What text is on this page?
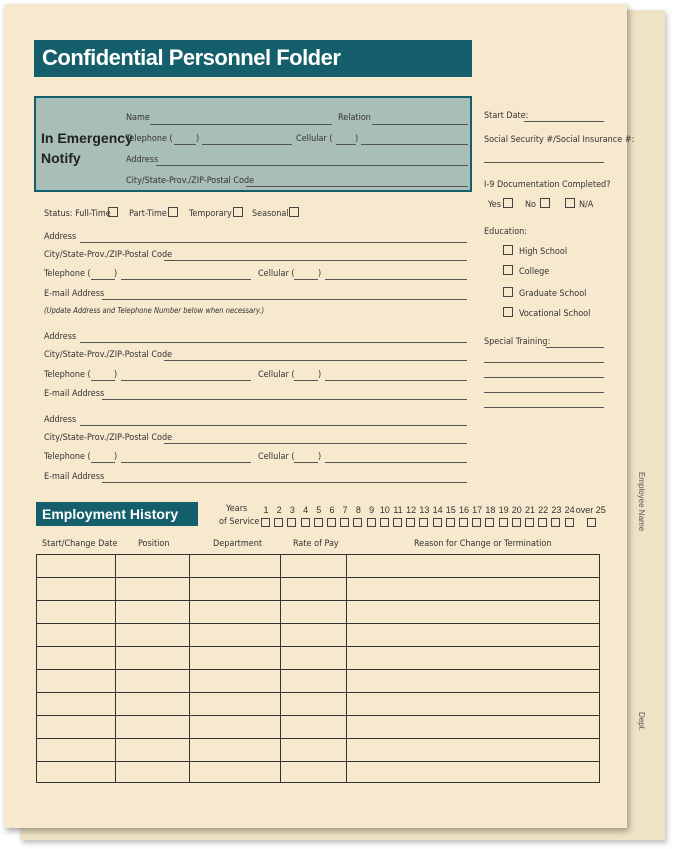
Employee Name
Dept.
Confidential Personnel Folder
In Emergency
Notify
Name	Relation
Telephone (	)	Cellular ( )
Address
City/State-Prov./ZIP-Postal Code
Start Date:
Social Security #/Social Insurance #:
I-9 Documentation Completed?
Yes	No	N/A
Education:
High School
College
Graduate School
Vocational School
Special Training:
Status: Full-Time Part-Time Temporary Seasonal
Address
City/State-Prov./ZIP-Postal Code
Telephone (	)	Cellular (	)
E-mail Address
(Update Address and Telephone Number below when necessary.)
Address
City/State-Prov./ZIP-Postal Code
Telephone (	)	Cellular (	)
E-mail Address
Address
City/State-Prov./ZIP-Postal Code
Telephone (	)	Cellular (	)
E-mail Address
Employment History	Years
of Service
1 2 3 4 5 6 7 8 9 10 11 12 13 14 15 16 17 18 19 20 21 22 23 24 over 25
Start/Change Date Position	Department	Rate of Pay	Reason for Change or Termination
